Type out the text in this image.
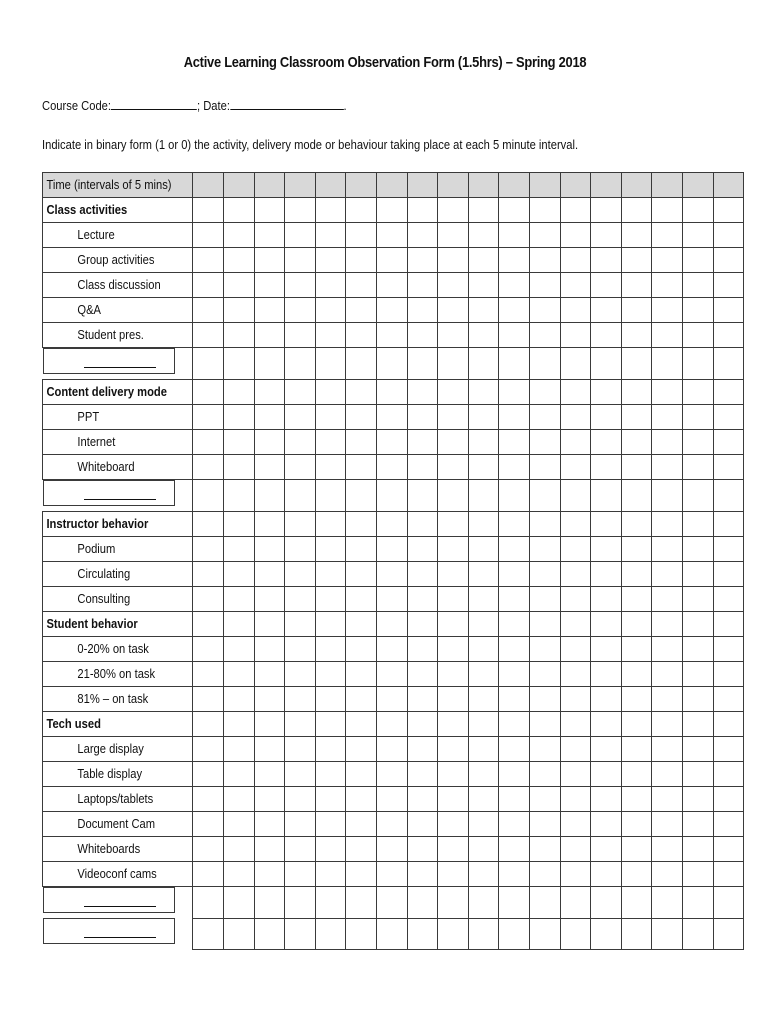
Active Learning Classroom Observation Form (1.5hrs) – Spring 2018
Course Code:	; Date:	.
Indicate in binary form (1 or 0) the activity, delivery mode or behaviour taking place at each 5 minute interval.
Time (intervals of 5 mins)																		
Class activities																		
Lecture																		
Group activities																		
Class discussion																		
Q&A																		
Student pres.																		

Content delivery mode																		
PPT																		
Internet																		
Whiteboard																		

Instructor behavior																		
Podium																		
Circulating																		
Consulting																		
Student behavior																		
0-20% on task																		
21-80% on task																		
81% – on task																		
Tech used																		
Large display																		
Table display																		
Laptops/tablets																		
Document Cam																		
Whiteboards																		
Videoconf cams																		
